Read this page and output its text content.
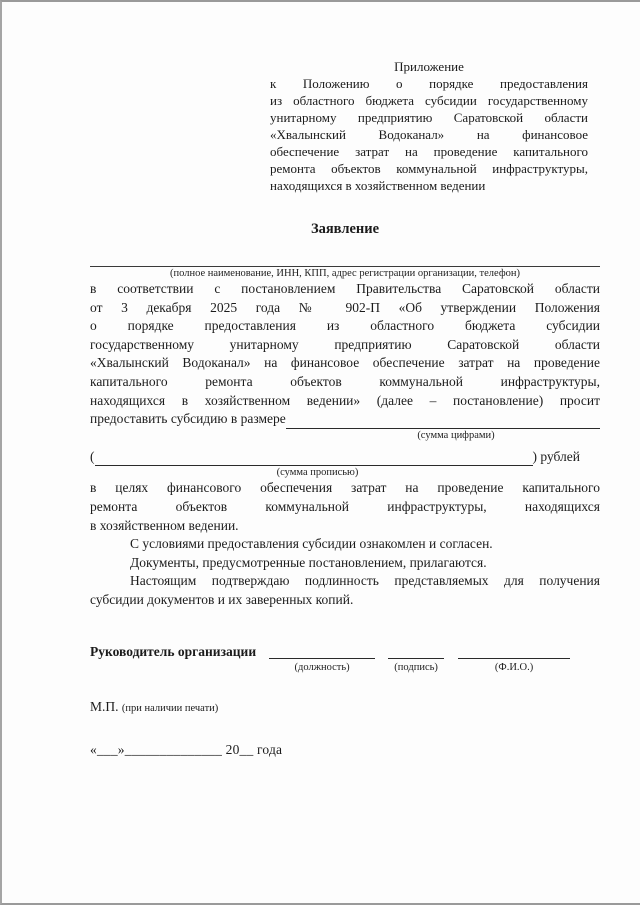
Приложение
к Положению о порядке предоставления
из областного бюджета субсидии государственному
унитарному предприятию Саратовской области
«Хвалынский Водоканал» на финансовое
обеспечение затрат на проведение капитального
ремонта объектов коммунальной инфраструктуры,
находящихся в хозяйственном ведении
Заявление
(полное наименование, ИНН, КПП, адрес регистрации организации, телефон)
в соответствии с постановлением Правительства Саратовской области
от 3 декабря 2025 года № 902-П «Об утверждении Положения
о порядке предоставления из областного бюджета субсидии
государственному унитарному предприятию Саратовской области
«Хвалынский Водоканал» на финансовое обеспечение затрат на проведение
капитального ремонта объектов коммунальной инфраструктуры,
находящихся в хозяйственном ведении» (далее – постановление) просит
предоставить субсидию в размере
(сумма цифрами)
(	) рублей
(сумма прописью)
в целях финансового обеспечения затрат на проведение капитального
ремонта объектов коммунальной инфраструктуры, находящихся
в хозяйственном ведении.
С условиями предоставления субсидии ознакомлен и согласен.
Документы, предусмотренные постановлением, прилагаются.
Настоящим подтверждаю подлинность представляемых для получения
субсидии документов и их заверенных копий.
Руководитель организации
(должность)	(подпись)	(Ф.И.О.)
М.П. (при наличии печати)
«___»______________ 20__ года
